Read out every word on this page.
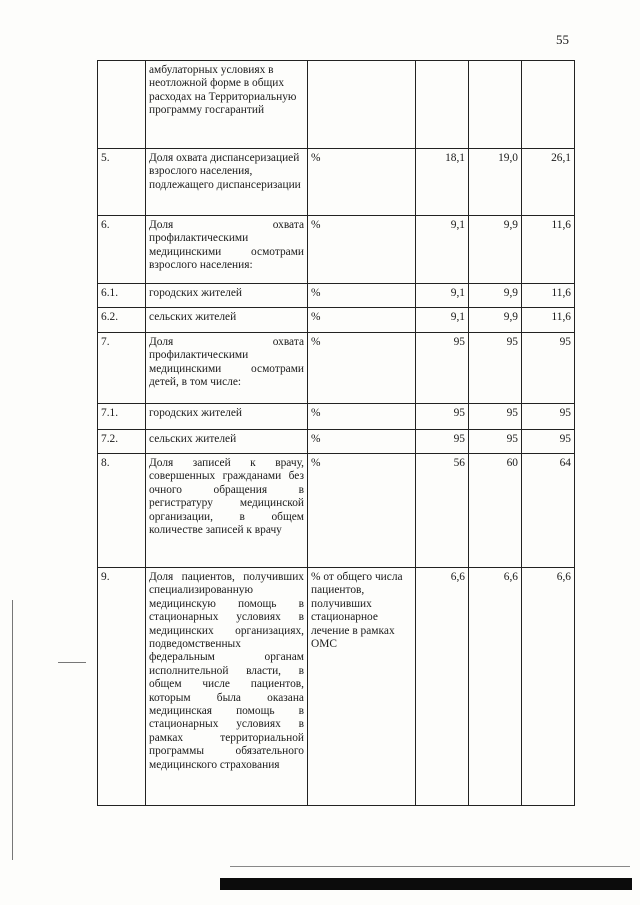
55
	амбулаторных условиях в неотложной форме в общих расходах на Территориальную программу госгарантий				
5.	Доля охвата диспансеризацией взрослого населения, подлежащего диспансеризации	%	18,1	19,0	26,1
6.	Доля охвата профилактическими медицинскими осмотрами взрослого населения:	%	9,1	9,9	11,6
6.1.	городских жителей	%	9,1	9,9	11,6
6.2.	сельских жителей	%	9,1	9,9	11,6
7.	Доля охвата профилактическими медицинскими осмотрами детей, в том числе:	%	95	95	95
7.1.	городских жителей	%	95	95	95
7.2.	сельских жителей	%	95	95	95
8.	Доля записей к врачу, совершенных гражданами без очного обращения в регистратуру медицинской организации, в общем количестве записей к врачу	%	56	60	64
9.	Доля пациентов, получивших специализированную медицинскую помощь в стационарных условиях в медицинских организациях, подведомственных федеральным органам исполнительной власти, в общем числе пациентов, которым была оказана медицинская помощь в стационарных условиях в рамках территориальной программы обязательного медицинского страхования	% от общего числа пациентов, получивших стационарное лечение в рамках ОМС	6,6	6,6	6,6
